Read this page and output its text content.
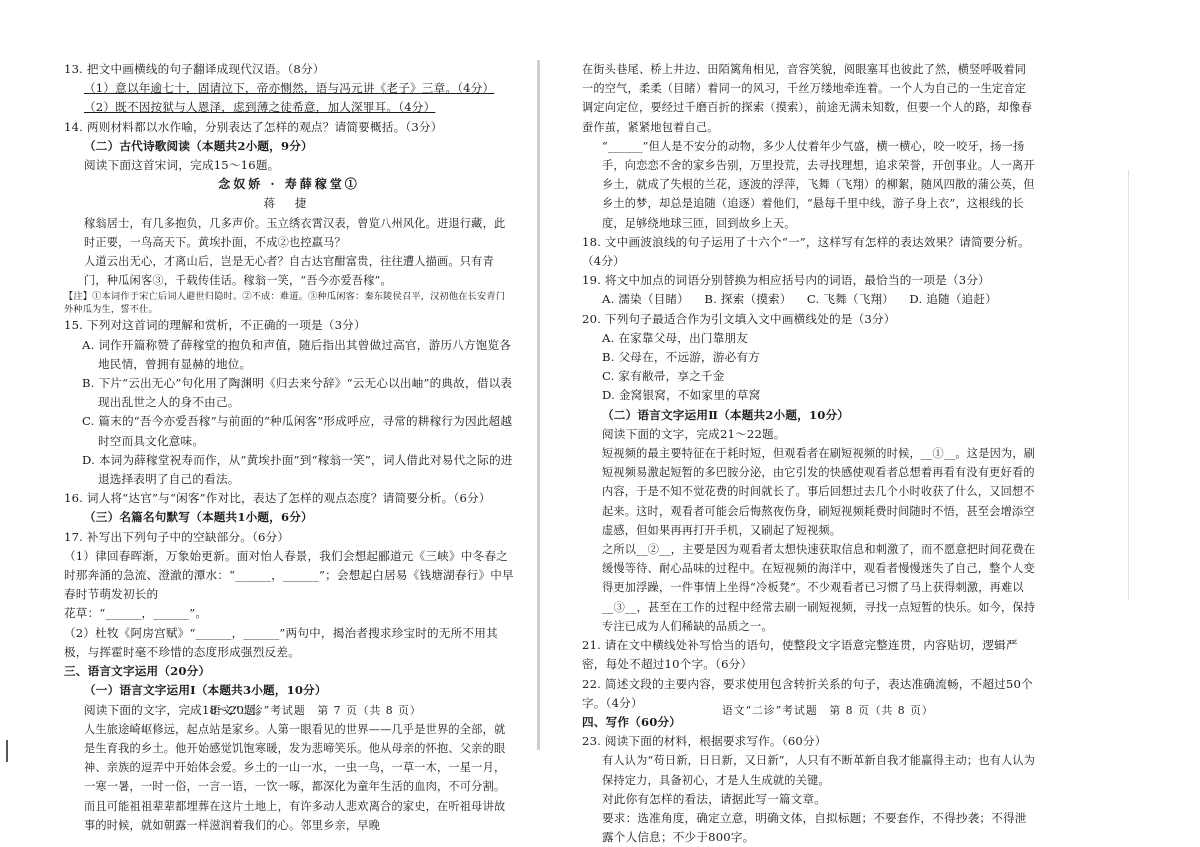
13. 把文中画横线的句子翻译成现代汉语。（8分）

（1）意以年逾七十，固请泣下，帝亦恻然，语与冯元讲《老子》三章。（4分）

（2）既不因按狱与人恩泽，虑到薄之徒希意，加人深罪耳。（4分）

14. 两则材料都以水作喻，分别表达了怎样的观点？请简要概括。（3分）

（二）古代诗歌阅读（本题共2小题，9分）

阅读下面这首宋词，完成15～16题。

念奴娇 · 寿薛稼堂①

蒋 捷

稼翁居士，有几多抱负，几多声价。玉立绣衣霄汉表，曾览八州风化。进退行藏，此时正要，一鸟高天下。黄埃扑面，不成②也控羸马？

人道云出无心，才离山后，岂是无心者？自古达官酣富贵，往往遭人描画。只有青门，种瓜闲客③，千载传佳话。稼翁一笑，“吾今亦爱吾稼”。

【注】①本词作于宋亡后词人避世归隐时。②不成：难道。③种瓜闲客：秦东陵侯召平，汉初他在长安青门外种瓜为生，誓不仕。

15. 下列对这首词的理解和赏析，不正确的一项是（3分）

A. 词作开篇称赞了薛稼堂的抱负和声值，随后指出其曾做过高官，游历八方饱览各地民情，曾拥有显赫的地位。

B. 下片“云出无心”句化用了陶渊明《归去来兮辞》“云无心以出岫”的典故，借以表现出乱世之人的身不由己。

C. 篇末的“吾今亦爱吾稼”与前面的“种瓜闲客”形成呼应，寻常的耕稼行为因此超越时空而具文化意味。

D. 本词为薛稼堂祝寿而作，从“黄埃扑面”到“稼翁一笑”，词人借此对易代之际的进退选择表明了自己的看法。

16. 词人将“达官”与“闲客”作对比，表达了怎样的观点态度？请简要分析。（6分）

（三）名篇名句默写（本题共1小题，6分）

17. 补写出下列句子中的空缺部分。（6分）

（1）律回春晖渐，万象始更新。面对怡人春景，我们会想起郦道元《三峡》中冬春之时那奔涌的急流、澄澈的潭水：“______，______”；会想起白居易《钱塘湖春行》中早春时节萌发初长的

花草：“______，______”。

（2）杜牧《阿房宫赋》“______，______”两句中，揭治者搜求珍宝时的无所不用其极，与挥霍时毫不珍惜的态度形成强烈反差。

三、语言文字运用（20分）

（一）语言文字运用Ⅰ（本题共3小题，10分）

阅读下面的文字，完成18～20题。

人生旅途崎岖修远，起点站是家乡。人第一眼看见的世界——几乎是世界的全部，就是生育我的乡土。他开始感觉饥饱寒暖，发为悲啼笑乐。他从母亲的怀抱、父亲的眼神、亲族的逗弄中开始体会爱。乡土的一山一水，一虫一鸟，一草一木，一星一月，一寒一暑，一时一俗，一言一语，一饮一啄，都深化为童年生活的血肉，不可分割。而且可能祖祖辈辈都埋葬在这片土地上，有许多动人悲欢离合的家史，在听祖母讲故事的时候，就如朝露一样滋润着我们的心。邻里乡亲，早晚

在街头巷尾、桥上井边、田陌篱角相见，音容笑貌，阅眼塞耳也彼此了然，横竖呼吸着同一的空气，柔柔（目睹）着同一的风习，千丝万缕地牵连着。一个人为自己的一生定音定调定向定位，要经过千磨百折的探索（摸索），前途无满未知数，但要一个人的路，却像春蚕作茧，紧紧地包着自己。

“______”但人是不安分的动物，多少人仗着年少气盛，横一横心，咬一咬牙，扬一扬手，向恋恋不舍的家乡告别，万里投荒，去寻找理想，追求荣誉，开创事业。人一离开乡土，就成了失根的兰花，逐波的浮萍，飞舞（飞翔）的柳絮，随风四散的蒲公英，但乡土的梦，却总是追随（追逐）着他们，“悬每千里中线，游子身上衣”，这根线的长度，足够绕地球三匝，回到故乡上天。

18. 文中画波浪线的句子运用了十六个“一”，这样写有怎样的表达效果？请简要分析。（4分）

19. 将文中加点的词语分别替换为相应括号内的词语，最恰当的一项是（3分）

A. 濡染（目睹） B. 探索（摸索） C. 飞舞（飞翔） D. 追随（追赶）

20. 下列句子最适合作为引文填入文中画横线处的是（3分）

A. 在家靠父母，出门靠朋友

B. 父母在，不远游，游必有方

C. 家有敝帚，享之千金

D. 金窝银窝，不如家里的草窝

（二）语言文字运用Ⅱ（本题共2小题，10分）

阅读下面的文字，完成21～22题。

短视频的最主要特征在于耗时短，但观看者在刷短视频的时候，__①__。这是因为，刷短视频易激起短暂的多巴胺分泌，由它引发的快感使观看者总想着再看有没有更好看的内容，于是不知不觉花费的时间就长了。事后回想过去几个小时收获了什么，又回想不起来。这时，观看者可能会后悔熬夜伤身，刷短视频耗费时间随时不悟，甚至会增添空虚感，但如果再再打开手机，又刷起了短视频。

之所以__②__，主要是因为观看者太想快速获取信息和刺激了，而不愿意把时间花费在缓慢等待、耐心品味的过程中。在短视频的海洋中，观看者慢慢迷失了自己，整个人变得更加浮躁，一件事情上坐得“冷板凳”。不少观看者已习惯了马上获得刺激，再难以__③__，甚至在工作的过程中经常去刷一刷短视频，寻找一点短暂的快乐。如今，保持专注已成为人们稀缺的品质之一。

21. 请在文中横线处补写恰当的语句，使整段文字语意完整连贯，内容贴切，逻辑严密，每处不超过10个字。（6分）

22. 简述文段的主要内容，要求使用包含转折关系的句子，表达准确流畅，不超过50个字。（4分）

四、写作（60分）

23. 阅读下面的材料，根据要求写作。（60分）

有人认为“苟日新，日日新，又日新”，人只有不断革新自我才能赢得主动；也有人认为保持定力，具备初心，才是人生成就的关键。

对此你有怎样的看法，请据此写一篇文章。

要求：选准角度，确定立意，明确文体，自拟标题；不要套作，不得抄袭；不得泄露个人信息；不少于800字。

语文“二诊”考试题　第 7 页（共 8 页）	语文“二诊”考试题　第 8 页（共 8 页）
